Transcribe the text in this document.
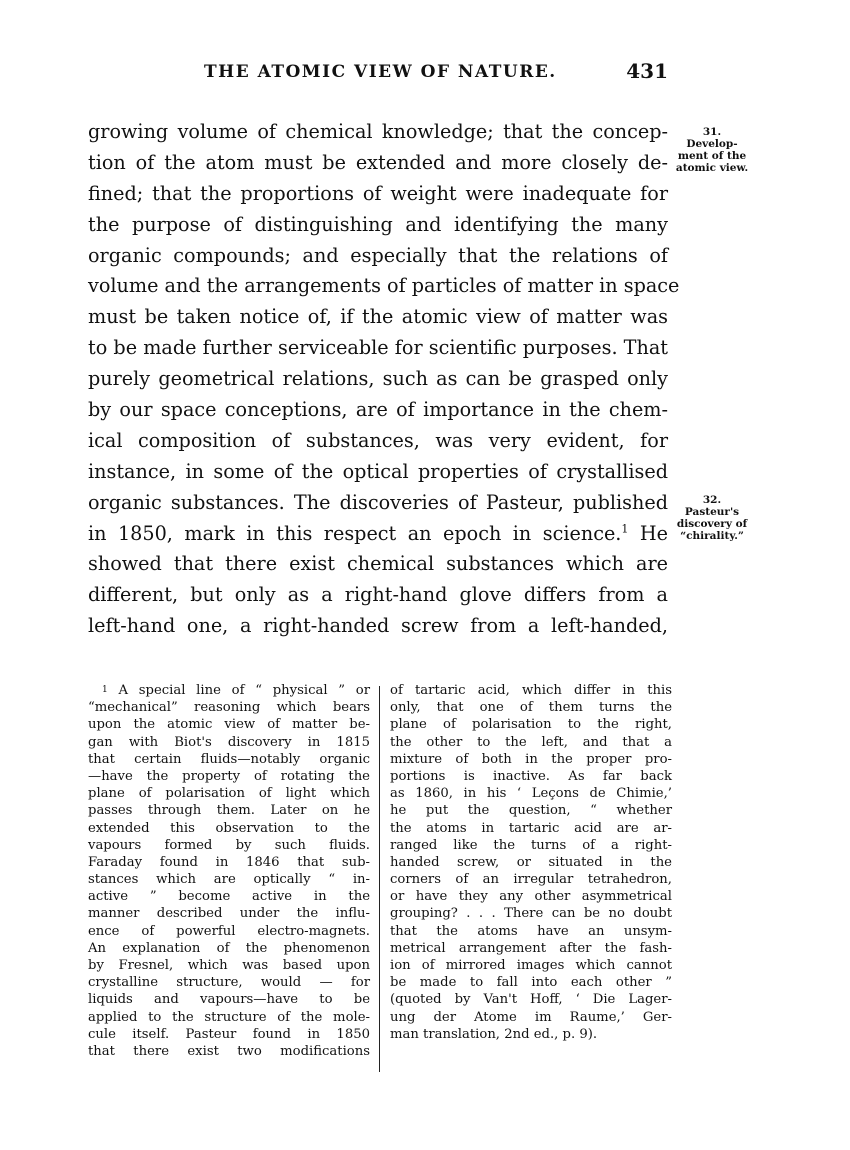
THE ATOMIC VIEW OF NATURE.	431
growing volume of chemical knowledge; that the concep-
tion of the atom must be extended and more closely de-
fined; that the proportions of weight were inadequate for
the purpose of distinguishing and identifying the many
organic compounds; and especially that the relations of
volume and the arrangements of particles of matter in space
must be taken notice of, if the atomic view of matter was
to be made further serviceable for scientific purposes. That
purely geometrical relations, such as can be grasped only
by our space conceptions, are of importance in the chem-
ical composition of substances, was very evident, for
instance, in some of the optical properties of crystallised
organic substances. The discoveries of Pasteur, published
in 1850, mark in this respect an epoch in science.$^1$ He
showed that there exist chemical substances which are
different, but only as a right-hand glove differs from a
left-hand one, a right-handed screw from a left-handed,
31.
Develop-
ment of the
atomic view.
32.
Pasteur's
discovery of
“chirality.”
$^1$ A special line of “ physical ” or
“mechanical” reasoning which bears
upon the atomic view of matter be-
gan with Biot's discovery in 1815
that certain fluids—notably organic
—have the property of rotating the
plane of polarisation of light which
passes through them. Later on he
extended this observation to the
vapours formed by such fluids.
Faraday found in 1846 that sub-
stances which are optically “ in-
active ” become active in the
manner described under the influ-
ence of powerful electro-magnets.
An explanation of the phenomenon
by Fresnel, which was based upon
crystalline structure, would — for
liquids and vapours—have to be
applied to the structure of the mole-
cule itself. Pasteur found in 1850
that there exist two modifications
of tartaric acid, which differ in this
only, that one of them turns the
plane of polarisation to the right,
the other to the left, and that a
mixture of both in the proper pro-
portions is inactive. As far back
as 1860, in his ‘ Leçons de Chimie,’
he put the question, “ whether
the atoms in tartaric acid are ar-
ranged like the turns of a right-
handed screw, or situated in the
corners of an irregular tetrahedron,
or have they any other asymmetrical
grouping? . . . There can be no doubt
that the atoms have an unsym-
metrical arrangement after the fash-
ion of mirrored images which cannot
be made to fall into each other ”
(quoted by Van't Hoff, ‘ Die Lager-
ung der Atome im Raume,’ Ger-
man translation, 2nd ed., p. 9).
